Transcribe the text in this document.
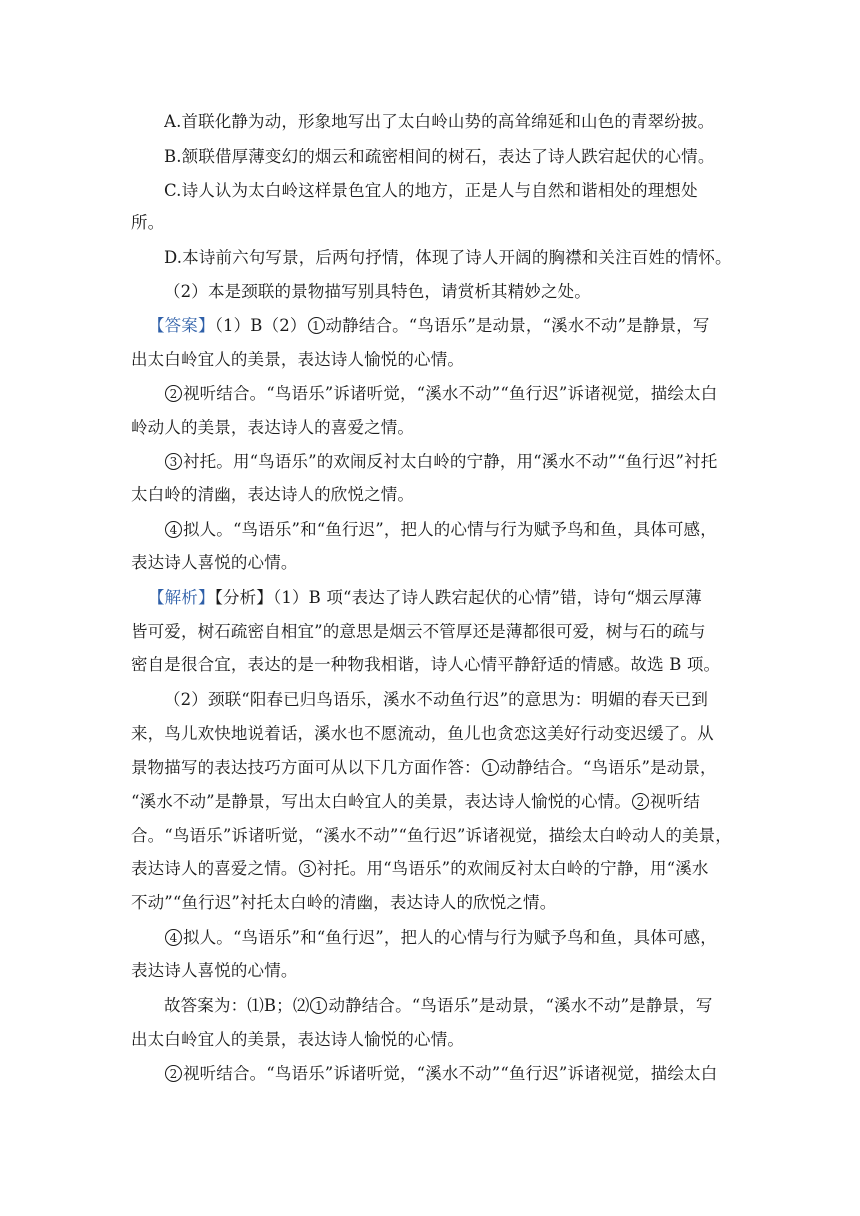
A.首联化静为动，形象地写出了太白岭山势的高耸绵延和山色的青翠纷披。
B.颔联借厚薄变幻的烟云和疏密相间的树石，表达了诗人跌宕起伏的心情。
C.诗人认为太白岭这样景色宜人的地方，正是人与自然和谐相处的理想处
所。
D.本诗前六句写景，后两句抒情，体现了诗人开阔的胸襟和关注百姓的情怀。
（2）本是颈联的景物描写别具特色，请赏析其精妙之处。
【答案】（1）B（2） 1 动静结合。“鸟语乐”是动景，“溪水不动”是静景，写
出太白岭宜人的美景，表达诗人愉悦的心情。
2 视听结合。“鸟语乐”诉诸听觉，“溪水不动”“鱼行迟”诉诸视觉，描绘太白
岭动人的美景，表达诗人的喜爱之情。
3 衬托。用“鸟语乐”的欢闹反衬太白岭的宁静，用“溪水不动”“鱼行迟”衬托
太白岭的清幽，表达诗人的欣悦之情。
4 拟人。“鸟语乐”和“鱼行迟”，把人的心情与行为赋予鸟和鱼，具体可感，
表达诗人喜悦的心情。
【解析】【分析】（1）B 项“表达了诗人跌宕起伏的心情”错，诗句“烟云厚薄
皆可爱，树石疏密自相宜”的意思是烟云不管厚还是薄都很可爱，树与石的疏与
密自是很合宜，表达的是一种物我相谐，诗人心情平静舒适的情感。故选 B 项。
（2）颈联“阳春已归鸟语乐，溪水不动鱼行迟”的意思为：明媚的春天已到
来，鸟儿欢快地说着话，溪水也不愿流动，鱼儿也贪恋这美好行动变迟缓了。从
景物描写的表达技巧方面可从以下几方面作答： 1 动静结合。“鸟语乐”是动景，
“溪水不动”是静景，写出太白岭宜人的美景，表达诗人愉悦的心情。 2 视听结
合。“鸟语乐”诉诸听觉，“溪水不动”“鱼行迟”诉诸视觉，描绘太白岭动人的美景，
表达诗人的喜爱之情。 3 衬托。用“鸟语乐”的欢闹反衬太白岭的宁静，用“溪水
不动”“鱼行迟”衬托太白岭的清幽，表达诗人的欣悦之情。
4 拟人。“鸟语乐”和“鱼行迟”，把人的心情与行为赋予鸟和鱼，具体可感，
表达诗人喜悦的心情。
故答案为：⑴B；⑵ 1 动静结合。“鸟语乐”是动景，“溪水不动”是静景，写
出太白岭宜人的美景，表达诗人愉悦的心情。
2 视听结合。“鸟语乐”诉诸听觉，“溪水不动”“鱼行迟”诉诸视觉，描绘太白
